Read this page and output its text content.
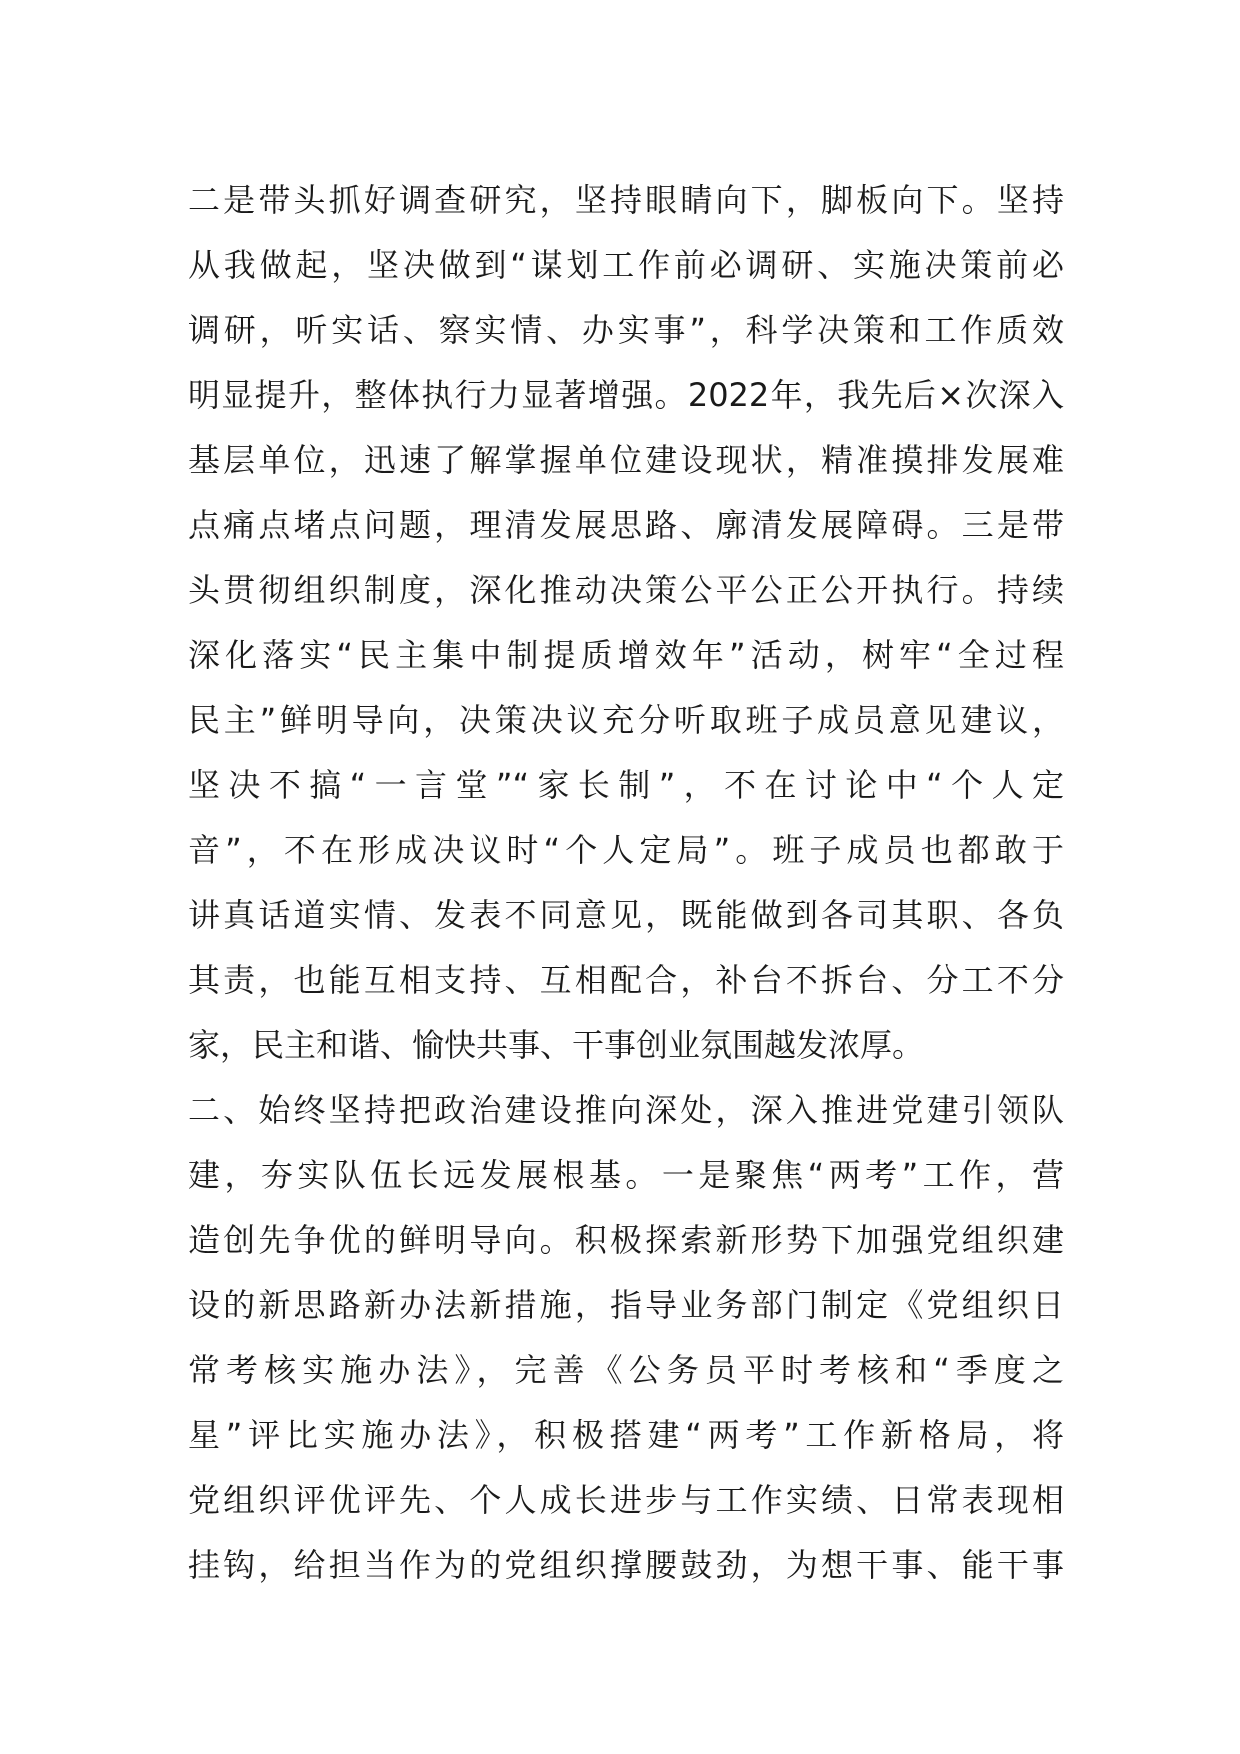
二是带头抓好调查研究，坚持眼睛向下，脚板向下。坚持
从我做起，坚决做到“谋划工作前必调研、实施决策前必
调研，听实话、察实情、办实事”，科学决策和工作质效
明显提升，整体执行力显著增强。2022年，我先后×次深入
基层单位，迅速了解掌握单位建设现状，精准摸排发展难
点痛点堵点问题，理清发展思路、廓清发展障碍。三是带
头贯彻组织制度，深化推动决策公平公正公开执行。持续
深化落实“民主集中制提质增效年”活动，树牢“全过程
民主”鲜明导向，决策决议充分听取班子成员意见建议，
坚决不搞“一言堂”“家长制”，不在讨论中“个人定
音”，不在形成决议时“个人定局”。班子成员也都敢于
讲真话道实情、发表不同意见，既能做到各司其职、各负
其责，也能互相支持、互相配合，补台不拆台、分工不分
家，民主和谐、愉快共事、干事创业氛围越发浓厚。
二、始终坚持把政治建设推向深处，深入推进党建引领队
建，夯实队伍长远发展根基。一是聚焦“两考”工作，营
造创先争优的鲜明导向。积极探索新形势下加强党组织建
设的新思路新办法新措施，指导业务部门制定《党组织日
常考核实施办法》，完善《公务员平时考核和“季度之
星”评比实施办法》，积极搭建“两考”工作新格局，将
党组织评优评先、个人成长进步与工作实绩、日常表现相
挂钩，给担当作为的党组织撑腰鼓劲，为想干事、能干事
